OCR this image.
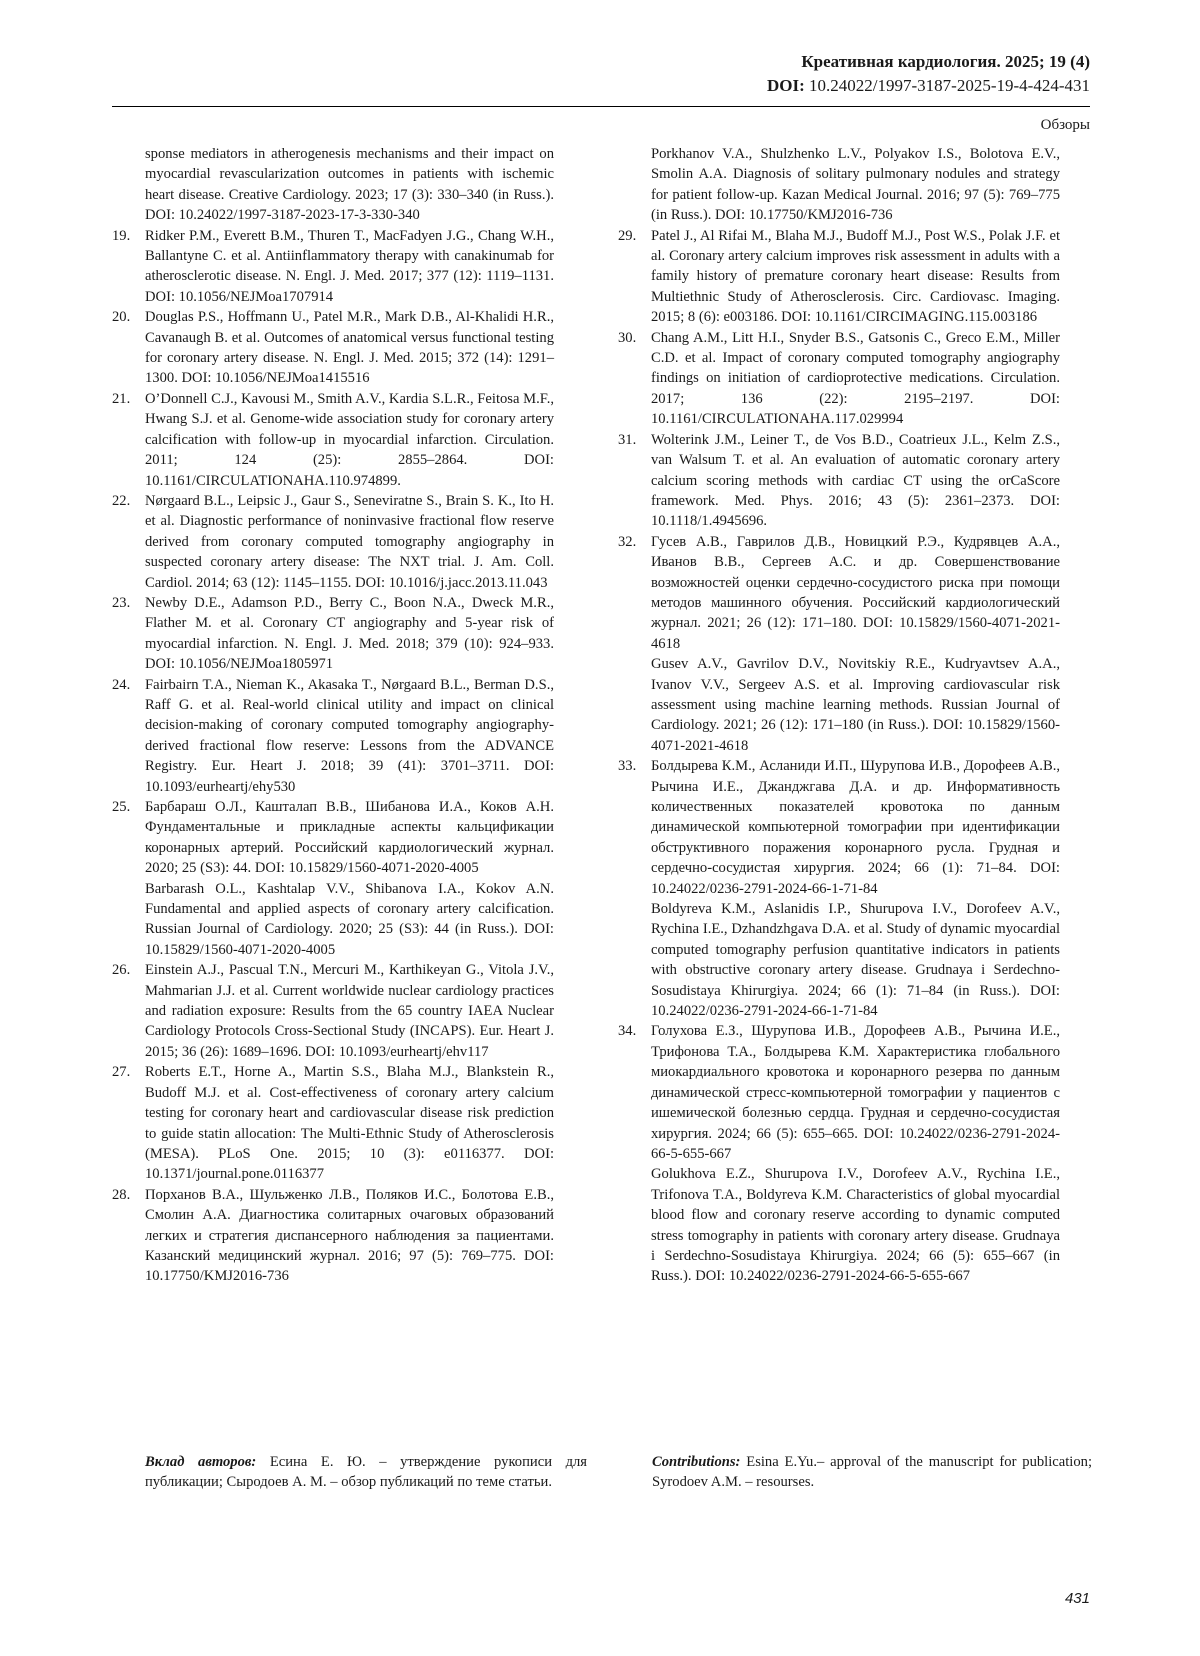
Креативная кардиология. 2025; 19 (4)
DOI: 10.24022/1997-3187-2025-19-4-424-431
Обзоры
sponse mediators in atherogenesis mechanisms and their impact on myocardial revascularization outcomes in patients with ischemic heart disease. Creative Cardiology. 2023; 17 (3): 330–340 (in Russ.). DOI: 10.24022/1997-3187-2023-17-3-330-340
19.	Ridker P.M., Everett B.M., Thuren T., MacFadyen J.G., Chang W.H., Ballantyne C. et al. Antiinflammatory therapy with canakinumab for atherosclerotic disease. N. Engl. J. Med. 2017; 377 (12): 1119–1131. DOI: 10.1056/NEJMoa1707914
20.	Douglas P.S., Hoffmann U., Patel M.R., Mark D.B., Al-Khalidi H.R., Cavanaugh B. et al. Outcomes of anatomical versus functional testing for coronary artery disease. N. Engl. J. Med. 2015; 372 (14): 1291–1300. DOI: 10.1056/NEJMoa1415516
21.	O’Donnell C.J., Kavousi M., Smith A.V., Kardia S.L.R., Feitosa M.F., Hwang S.J. et al. Genome-wide association study for coronary artery calcification with follow-up in myocardial infarction. Circulation. 2011; 124 (25): 2855–2864. DOI: 10.1161/CIRCULATIONAHA.110.974899.
22.	Nørgaard B.L., Leipsic J., Gaur S., Seneviratne S., Brain S. K., Ito H. et al. Diagnostic performance of noninvasive fractional flow reserve derived from coronary computed tomography angiography in suspected coronary artery disease: The NXT trial. J. Am. Coll. Cardiol. 2014; 63 (12): 1145–1155. DOI: 10.1016/j.jacc.2013.11.043
23.	Newby D.E., Adamson P.D., Berry C., Boon N.A., Dweck M.R., Flather M. et al. Coronary CT angiography and 5-year risk of myocardial infarction. N. Engl. J. Med. 2018; 379 (10): 924–933. DOI: 10.1056/NEJMoa1805971
24.	Fairbairn T.A., Nieman K., Akasaka T., Nørgaard B.L., Berman D.S., Raff G. et al. Real-world clinical utility and impact on clinical decision-making of coronary computed tomography angiography-derived fractional flow reserve: Lessons from the ADVANCE Registry. Eur. Heart J. 2018; 39 (41): 3701–3711. DOI: 10.1093/eurheartj/ehy530
25.	Барбараш О.Л., Кашталап В.В., Шибанова И.А., Коков А.Н. Фундаментальные и прикладные аспекты кальцификации коронарных артерий. Российский кардиологический журнал. 2020; 25 (S3): 44. DOI: 10.15829/1560-4071-2020-4005
Barbarash O.L., Kashtalap V.V., Shibanova I.A., Kokov A.N. Fundamental and applied aspects of coronary artery calcification. Russian Journal of Cardiology. 2020; 25 (S3): 44 (in Russ.). DOI: 10.15829/1560-4071-2020-4005
26.	Einstein A.J., Pascual T.N., Mercuri M., Karthikeyan G., Vitola J.V., Mahmarian J.J. et al. Current worldwide nuclear cardiology practices and radiation exposure: Results from the 65 country IAEA Nuclear Cardiology Protocols Cross-Sectional Study (INCAPS). Eur. Heart J. 2015; 36 (26): 1689–1696. DOI: 10.1093/eurheartj/ehv117
27.	Roberts E.T., Horne A., Martin S.S., Blaha M.J., Blankstein R., Budoff M.J. et al. Cost-effectiveness of coronary artery calcium testing for coronary heart and cardiovascular disease risk prediction to guide statin allocation: The Multi-Ethnic Study of Atherosclerosis (MESA). PLoS One. 2015; 10 (3): e0116377. DOI: 10.1371/journal.pone.0116377
28.	Порханов В.А., Шульженко Л.В., Поляков И.С., Болотова Е.В., Смолин А.А. Диагностика солитарных очаговых образований легких и стратегия диспансерного наблюдения за пациентами. Казанский медицинский журнал. 2016; 97 (5): 769–775. DOI: 10.17750/KMJ2016-736
Porkhanov V.A., Shulzhenko L.V., Polyakov I.S., Bolotova E.V., Smolin A.A. Diagnosis of solitary pulmonary nodules and strategy for patient follow-up. Kazan Medical Journal. 2016; 97 (5): 769–775 (in Russ.). DOI: 10.17750/KMJ2016-736
29.	Patel J., Al Rifai M., Blaha M.J., Budoff M.J., Post W.S., Polak J.F. et al. Coronary artery calcium improves risk assessment in adults with a family history of premature coronary heart disease: Results from Multiethnic Study of Atherosclerosis. Circ. Cardiovasc. Imaging. 2015; 8 (6): e003186. DOI: 10.1161/CIRCIMAGING.115.003186
30.	Chang A.M., Litt H.I., Snyder B.S., Gatsonis C., Greco E.M., Miller C.D. et al. Impact of coronary computed tomography angiography findings on initiation of cardioprotective medications. Circulation. 2017; 136 (22): 2195–2197. DOI: 10.1161/CIRCULATIONAHA.117.029994
31.	Wolterink J.M., Leiner T., de Vos B.D., Coatrieux J.L., Kelm Z.S., van Walsum T. et al. An evaluation of automatic coronary artery calcium scoring methods with cardiac CT using the orCaScore framework. Med. Phys. 2016; 43 (5): 2361–2373. DOI: 10.1118/1.4945696.
32.	Гусев А.В., Гаврилов Д.В., Новицкий Р.Э., Кудрявцев А.А., Иванов В.В., Сергеев А.С. и др. Совершенствование возможностей оценки сердечно-сосудистого риска при помощи методов машинного обучения. Российский кардиологический журнал. 2021; 26 (12): 171–180. DOI: 10.15829/1560-4071-2021-4618
Gusev A.V., Gavrilov D.V., Novitskiy R.E., Kudryavtsev A.A., Ivanov V.V., Sergeev A.S. et al. Improving cardiovascular risk assessment using machine learning methods. Russian Journal of Cardiology. 2021; 26 (12): 171–180 (in Russ.). DOI: 10.15829/1560-4071-2021-4618
33.	Болдырева К.М., Асланиди И.П., Шурупова И.В., Дорофеев А.В., Рычина И.Е., Джанджгава Д.А. и др. Информативность количественных показателей кровотока по данным динамической компьютерной томографии при идентификации обструктивного поражения коронарного русла. Грудная и сердечно-сосудистая хирургия. 2024; 66 (1): 71–84. DOI: 10.24022/0236-2791-2024-66-1-71-84
Boldyreva K.M., Aslanidis I.P., Shurupova I.V., Dorofeev A.V., Rychina I.E., Dzhandzhgava D.A. et al. Study of dynamic myocardial computed tomography perfusion quantitative indicators in patients with obstructive coronary artery disease. Grudnaya i Serdechno-Sosudistaya Khirurgiya. 2024; 66 (1): 71–84 (in Russ.). DOI: 10.24022/0236-2791-2024-66-1-71-84
34.	Голухова Е.З., Шурупова И.В., Дорофеев А.В., Рычина И.Е., Трифонова Т.А., Болдырева К.М. Характеристика глобального миокардиального кровотока и коронарного резерва по данным динамической стресс-компьютерной томографии у пациентов с ишемической болезнью сердца. Грудная и сердечно-сосудистая хирургия. 2024; 66 (5): 655–665. DOI: 10.24022/0236-2791-2024-66-5-655-667
Golukhova E.Z., Shurupova I.V., Dorofeev A.V., Rychina I.E., Trifonova T.A., Boldyreva K.M. Characteristics of global myocardial blood flow and coronary reserve according to dynamic computed stress tomography in patients with coronary artery disease. Grudnaya i Serdechno-Sosudistaya Khirurgiya. 2024; 66 (5): 655–667 (in Russ.). DOI: 10.24022/0236-2791-2024-66-5-655-667
Вклад авторов: Есина Е. Ю. – утверждение рукописи для публикации; Сыродоев А. М. – обзор публикаций по теме статьи.
Contributions: Esina E.Yu.– approval of the manuscript for publication; Syrodoev A.M. – resourses.
431
